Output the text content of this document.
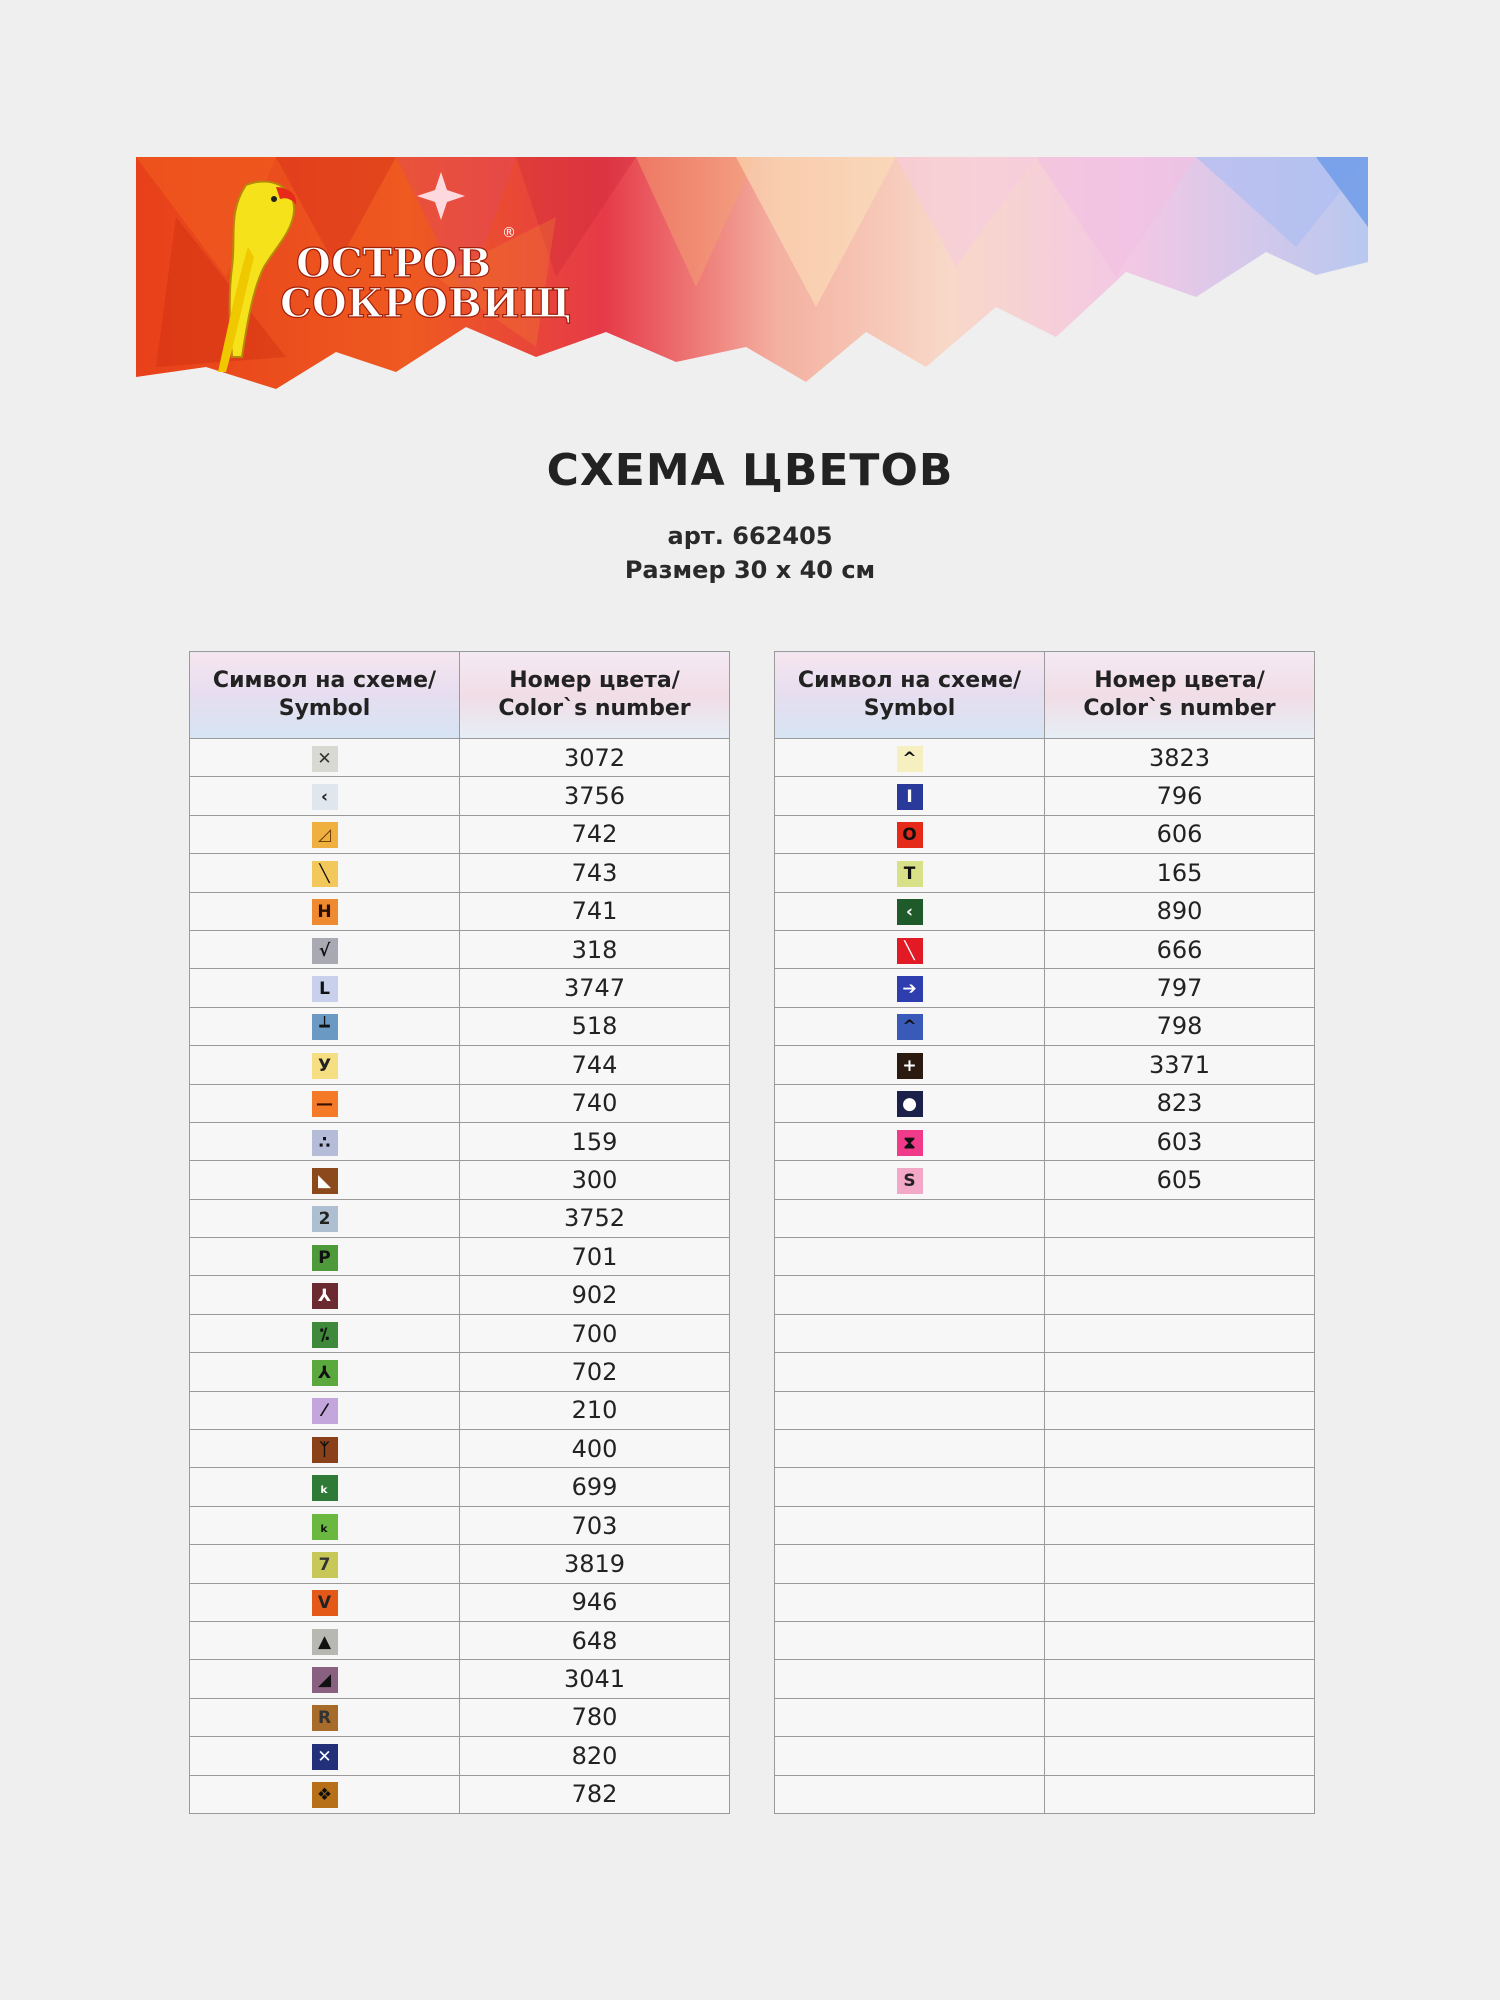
ОСТРОВ
СОКРОВИЩ
®
СХЕМА ЦВЕТОВ
арт. 662405
Размер 30 х 40 см
Символ на схеме/
Symbol	Номер цвета/
Color`s number

✕	3072
‹	3756
◿	742
╲	743
H	741
√	318
L	3747
┷	518
У	744
—	740
∴	159
◣	300
2	3752
P	701
⅄	902
⁒	700
⅄	702
⁄	210
ᛉ	400
ₖ	699
ₖ	703
7	3819
V	946
▲	648
◢	3041
R	780
✕	820
❖	782
Символ на схеме/
Symbol	Номер цвета/
Color`s number

^	3823
I	796
O	606
T	165
‹	890
╲	666
➔	797
^	798
+	3371
●	823
⧗	603
S	605
